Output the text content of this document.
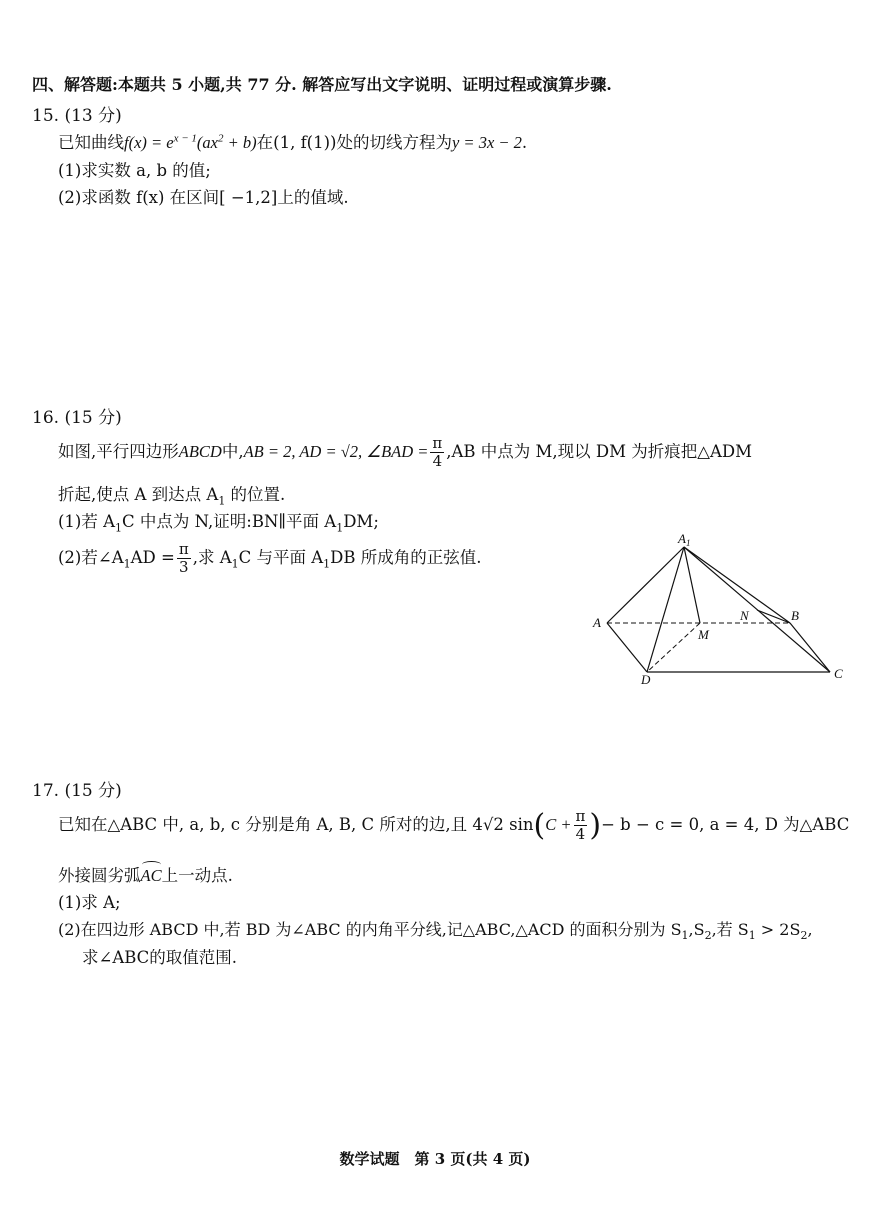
四、解答题:本题共 5 小题,共 77 分. 解答应写出文字说明、证明过程或演算步骤.
15. (13 分)
已知曲线$f(x) = e^{x - 1}(ax^2 + b)$在(1, f(1))处的切线方程为y = 3x − 2.
(1)求实数 a, b 的值;
(2)求函数 f(x) 在区间[ −1,2]上的值域.
16. (15 分)
如图,平行四边形ABCD中,AB = 2, AD = √2, ∠BAD = $\frac{\pi}{4} ,AB$ 中点为 M,现以 DM 为折痕把△ADM
折起,使点 A 到达点 $A_1$ 的位置.
(1)若 $A_1C$ 中点为 N,证明:BN∥平面 $A_1DM$;
(2)若$\angle A_1AD = \frac{\pi}{3}$ ,求 $A_1C$ 与平面 $A_1DB$ 所成角的正弦值.
$A_1$
A	B
C
D
M
N
17. (15 分)
已知在△ABC 中, a, b, c 分别是角 A, B, C 所对的边,且 4√2 $\sin(C + \frac{\pi}{4}$ )− b − c = 0, a = 4, D 为△ABC
外接圆劣弧AC上一动点.
(1)求 A;
(2)在四边形 ABCD 中,若 BD 为∠ABC 的内角平分线,记△ABC,△ACD 的面积分别为 $S_1,S_2$,若 $S_1 > 2S_2$,
求∠ABC的取值范围.
数学试题　第 3 页(共 4 页)
